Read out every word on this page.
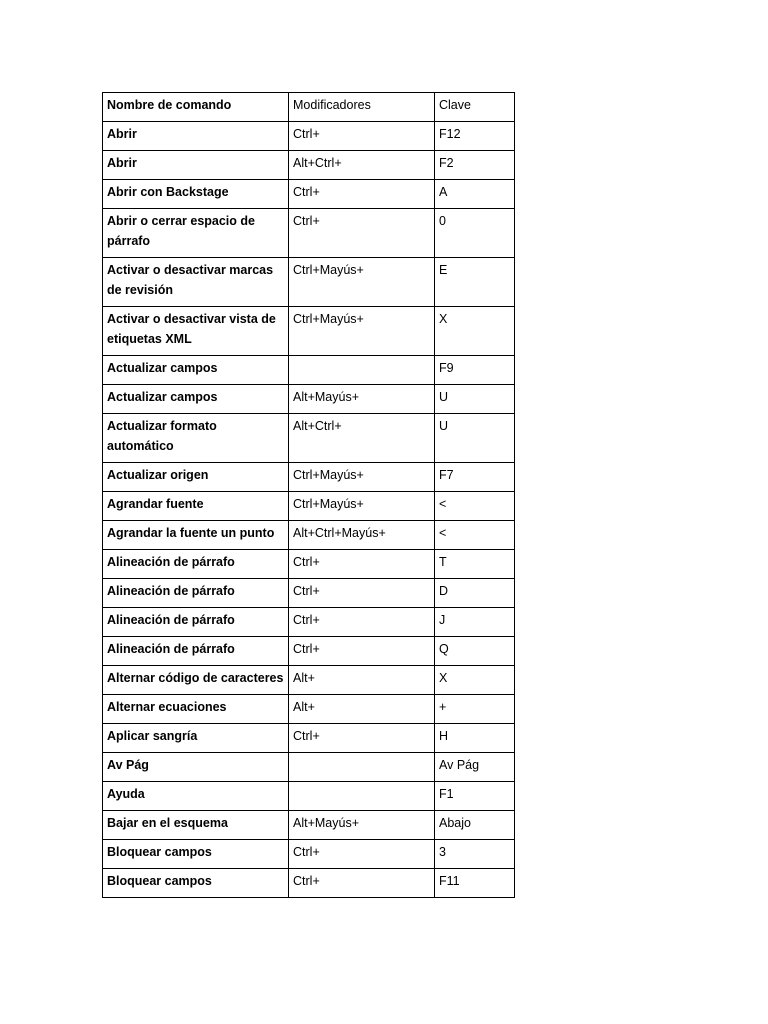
Nombre de comando	Modificadores	Clave
Abrir	Ctrl+	F12
Abrir	Alt+Ctrl+	F2
Abrir con Backstage	Ctrl+	A
Abrir o cerrar espacio de párrafo	Ctrl+	0
Activar o desactivar marcas de revisión	Ctrl+Mayús+	E
Activar o desactivar vista de etiquetas XML	Ctrl+Mayús+	X
Actualizar campos		F9
Actualizar campos	Alt+Mayús+	U
Actualizar formato automático	Alt+Ctrl+	U
Actualizar origen	Ctrl+Mayús+	F7
Agrandar fuente	Ctrl+Mayús+	<
Agrandar la fuente un punto	Alt+Ctrl+Mayús+	<
Alineación de párrafo	Ctrl+	T
Alineación de párrafo	Ctrl+	D
Alineación de párrafo	Ctrl+	J
Alineación de párrafo	Ctrl+	Q
Alternar código de caracteres	Alt+	X
Alternar ecuaciones	Alt+	+
Aplicar sangría	Ctrl+	H
Av Pág		Av Pág
Ayuda		F1
Bajar en el esquema	Alt+Mayús+	Abajo
Bloquear campos	Ctrl+	3
Bloquear campos	Ctrl+	F11
